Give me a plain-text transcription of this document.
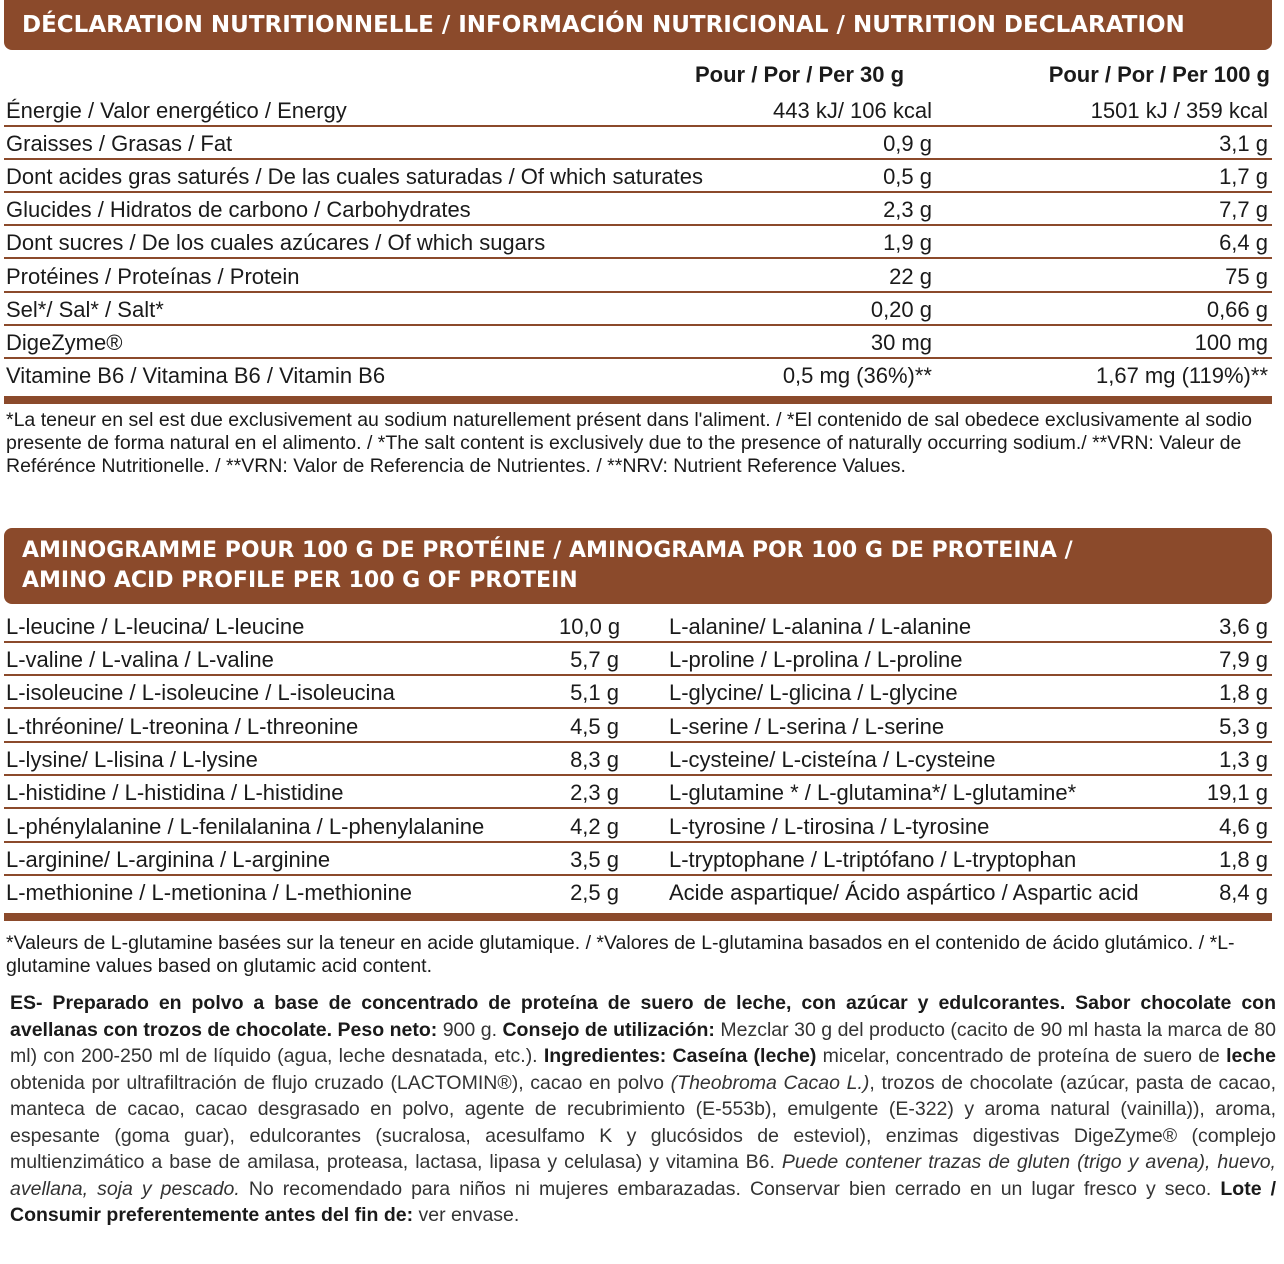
DÉCLARATION NUTRITIONNELLE / INFORMACIÓN NUTRICIONAL / NUTRITION DECLARATION
Pour / Por / Per 30 g	Pour / Por / Per 100 g
Énergie / Valor energético / Energy	443 kJ/ 106 kcal	1501 kJ / 359 kcal
Graisses / Grasas / Fat	0,9 g	3,1 g
Dont acides gras saturés / De las cuales saturadas / Of which saturates	0,5 g	1,7 g
Glucides / Hidratos de carbono / Carbohydrates	2,3 g	7,7 g
Dont sucres / De los cuales azúcares / Of which sugars	1,9 g	6,4 g
Protéines / Proteínas / Protein	22 g	75 g
Sel*/ Sal* / Salt*	0,20 g	0,66 g
DigeZyme®	30 mg	100 mg
Vitamine B6 / Vitamina B6 / Vitamin B6	0,5 mg (36%)**	1,67 mg (119%)**
*La teneur en sel est due exclusivement au sodium naturellement présent dans l'aliment. / *El contenido de sal obedece exclusivamente al sodio presente de forma natural en el alimento. / *The salt content is exclusively due to the presence of naturally occurring sodium./ **VRN: Valeur de Reférénce Nutritionelle. / **VRN: Valor de Referencia de Nutrientes. / **NRV: Nutrient Reference Values.
AMINOGRAMME POUR 100 G DE PROTÉINE / AMINOGRAMA POR 100 G DE PROTEINA /
AMINO ACID PROFILE PER 100 G OF PROTEIN
L-leucine / L-leucina/ L-leucine	10,0 g L-alanine/ L-alanina / L-alanine	3,6 g
L-valine / L-valina / L-valine	5,7 g L-proline / L-prolina / L-proline	7,9 g
L-isoleucine / L-isoleucine / L-isoleucina	5,1 g L-glycine/ L-glicina / L-glycine	1,8 g
L-thréonine/ L-treonina / L-threonine	4,5 g L-serine / L-serina / L-serine	5,3 g
L-lysine/ L-lisina / L-lysine	8,3 g L-cysteine/ L-cisteína / L-cysteine	1,3 g
L-histidine / L-histidina / L-histidine	2,3 g L-glutamine * / L-glutamina*/ L-glutamine*	19,1 g
L-phénylalanine / L-fenilalanina / L-phenylalanine	4,2 g L-tyrosine / L-tirosina / L-tyrosine	4,6 g
L-arginine/ L-arginina / L-arginine	3,5 g L-tryptophane / L-triptófano / L-tryptophan	1,8 g
L-methionine / L-metionina / L-methionine	2,5 g Acide aspartique/ Ácido aspártico / Aspartic acid	8,4 g
*Valeurs de L-glutamine basées sur la teneur en acide glutamique. / *Valores de L-glutamina basados en el contenido de ácido glutámico. / *L-glutamine values based on glutamic acid content.
ES- Preparado en polvo a base de concentrado de proteína de suero de leche, con azúcar y edulcorantes. Sabor chocolate con avellanas con trozos de chocolate. Peso neto: 900 g. Consejo de utilización: Mezclar 30 g del producto (cacito de 90 ml hasta la marca de 80 ml) con 200-250 ml de líquido (agua, leche desnatada, etc.). Ingredientes: Caseína (leche) micelar, concentrado de proteína de suero de leche obtenida por ultrafiltración de flujo cruzado (LACTOMIN®), cacao en polvo (Theobroma Cacao L.), trozos de chocolate (azúcar, pasta de cacao, manteca de cacao, cacao desgrasado en polvo, agente de recubrimiento (E-553b), emulgente (E-322) y aroma natural (vainilla)), aroma, espesante (goma guar), edulcorantes (sucralosa, acesulfamo K y glucósidos de esteviol), enzimas digestivas DigeZyme® (complejo multienzimático a base de amilasa, proteasa, lactasa, lipasa y celulasa) y vitamina B6. Puede contener trazas de gluten (trigo y avena), huevo, avellana, soja y pescado. No recomendado para niños ni mujeres embarazadas. Conservar bien cerrado en un lugar fresco y seco. Lote / Consumir preferentemente antes del fin de: ver envase.
